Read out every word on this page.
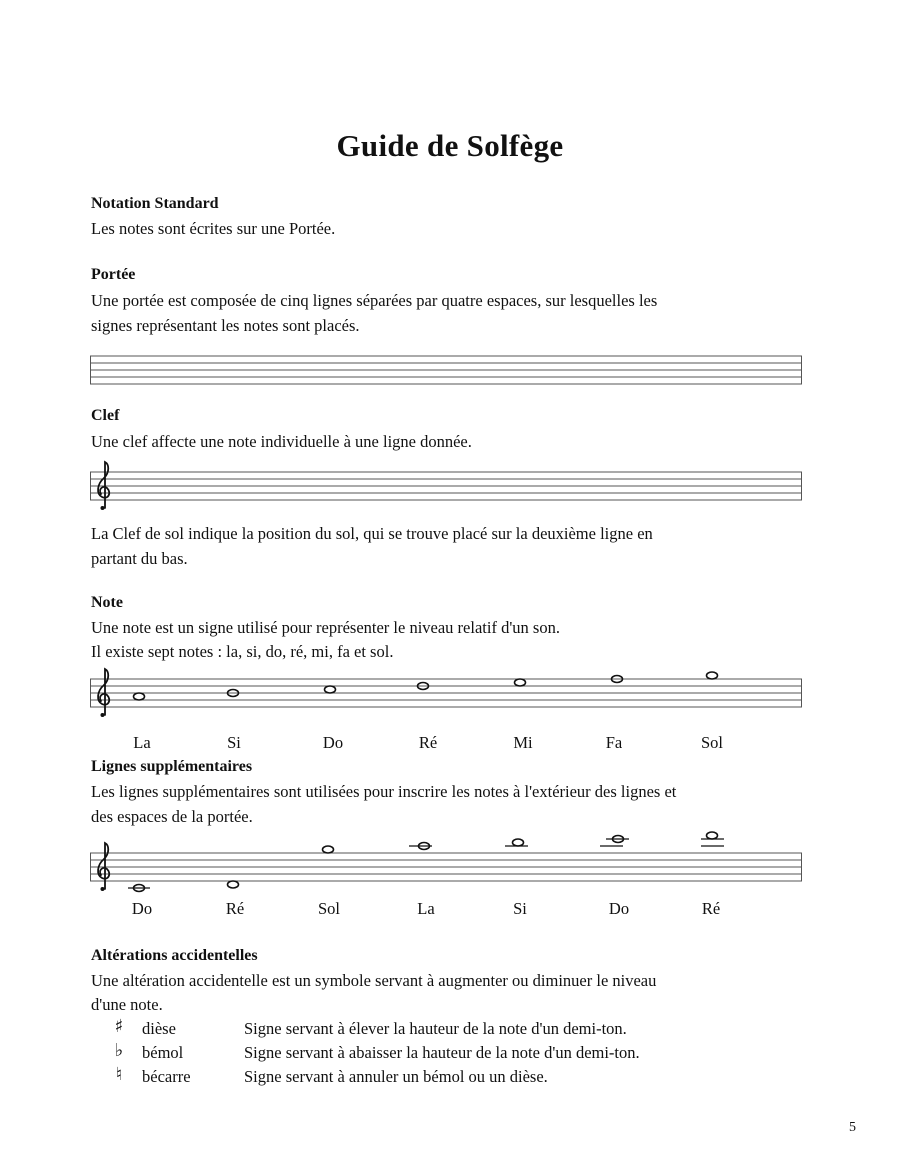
Guide de Solfège
Notation Standard
Les notes sont écrites sur une Portée.
Portée
Une portée est composée de cinq lignes séparées par quatre espaces, sur lesquelles les
signes représentant les notes sont placés.
Clef
Une clef affecte une note individuelle à une ligne donnée.
La Clef de sol indique la position du sol, qui se trouve placé sur la deuxième ligne en
partant du bas.
Note
Une note est un signe utilisé pour représenter le niveau relatif d'un son.
Il existe sept notes : la, si, do, ré, mi, fa et sol.
La	Si	Do	Ré	Mi	Fa	Sol
Lignes supplémentaires
Les lignes supplémentaires sont utilisées pour inscrire les notes à l'extérieur des lignes et
des espaces de la portée.
Do	Ré	Sol	La	Si	Do	Ré
Altérations accidentelles
Une altération accidentelle est un symbole servant à augmenter ou diminuer le niveau
d'une note.
♯	dièse	Signe servant à élever la hauteur de la note d'un demi-ton.
♭	bémol	Signe servant à abaisser la hauteur de la note d'un demi-ton.
♮	bécarre	Signe servant à annuler un bémol ou un dièse.
5
